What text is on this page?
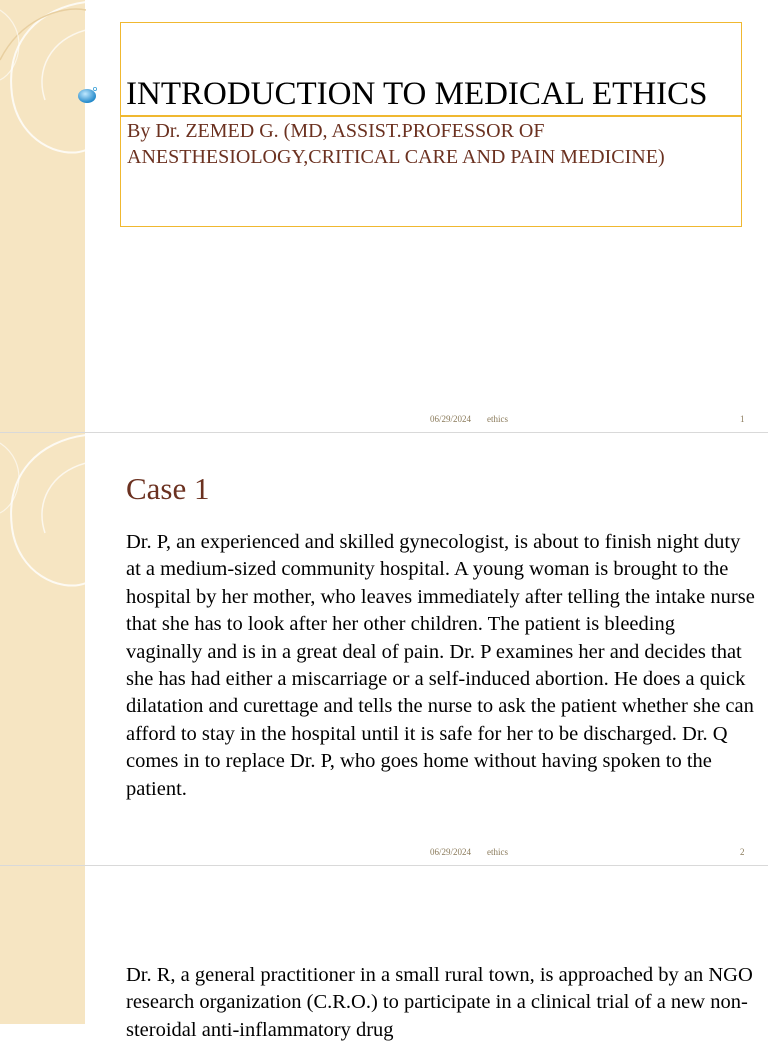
INTRODUCTION TO MEDICAL ETHICS
By Dr. ZEMED G. (MD, ASSIST.PROFESSOR OF ANESTHESIOLOGY,CRITICAL CARE AND PAIN MEDICINE)
06/29/2024 ethics	1
Case 1
Dr. P, an experienced and skilled gynecologist, is about to finish night duty at a medium-sized community hospital. A young woman is brought to the hospital by her mother, who leaves immediately after telling the intake nurse that she has to look after her other children. The patient is bleeding vaginally and is in a great deal of pain. Dr. P examines her and decides that she has had either a miscarriage or a self-induced abortion. He does a quick dilatation and curettage and tells the nurse to ask the patient whether she can afford to stay in the hospital until it is safe for her to be discharged. Dr. Q comes in to replace Dr. P, who goes home without having spoken to the patient.
06/29/2024 ethics	2
Dr. R, a general practitioner in a small rural town, is approached by an NGO research organization (C.R.O.) to participate in a clinical trial of a new non-steroidal anti-inflammatory drug
